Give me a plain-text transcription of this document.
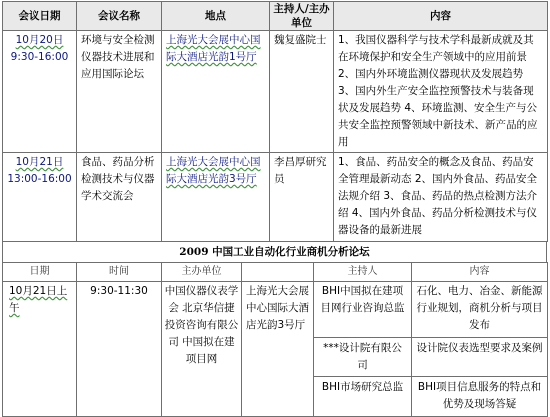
会议日期	会议名称	地点	主持人/主办单位	内容

10月20日
9:30-16:00	环境与安全检测仪器技术进展和应用国际论坛	上海光大会展中心国际大酒店光韵1号厅	魏复盛院士	1、我国仪器科学与技术学科最新成就及其在环境保护和安全生产领域中的应用前景 2、国内外环境监测仪器现状及发展趋势 3、国内外生产安全监控预警技术与装备现状及发展趋势 4、环境监测、安全生产与公共安全监控预警领域中新技术、新产品的应用

10月21日
13:00-16:00	食品、药品分析检测技术与仪器学术交流会	上海光大会展中心国际大酒店光韵3号厅	李昌厚研究员	1、食品、药品安全的概念及食品、药品安全管理最新动态 2、国内外食品、药品安全法规介绍 3、食品、药品的热点检测方法介绍 4、国内外食品、药品分析检测技术与仪器设备的最新进展
2009 中国工业自动化行业商机分析论坛
日期	时间	主办单位		主持人	内容
10月21日上午	9:30-11:30	中国仪器仪表学会 北京华信捷投资咨询有限公司 中国拟在建项目网	上海光大会展中心国际大酒店光韵3号厅	BHI中国拟在建项目网行业咨询总监	石化、电力、冶金、新能源行业规划，商机分析与项目发布
				***设计院有限公司	设计院仪表选型要求及案例
				BHI市场研究总监	BHI项目信息服务的特点和优势及现场答疑
